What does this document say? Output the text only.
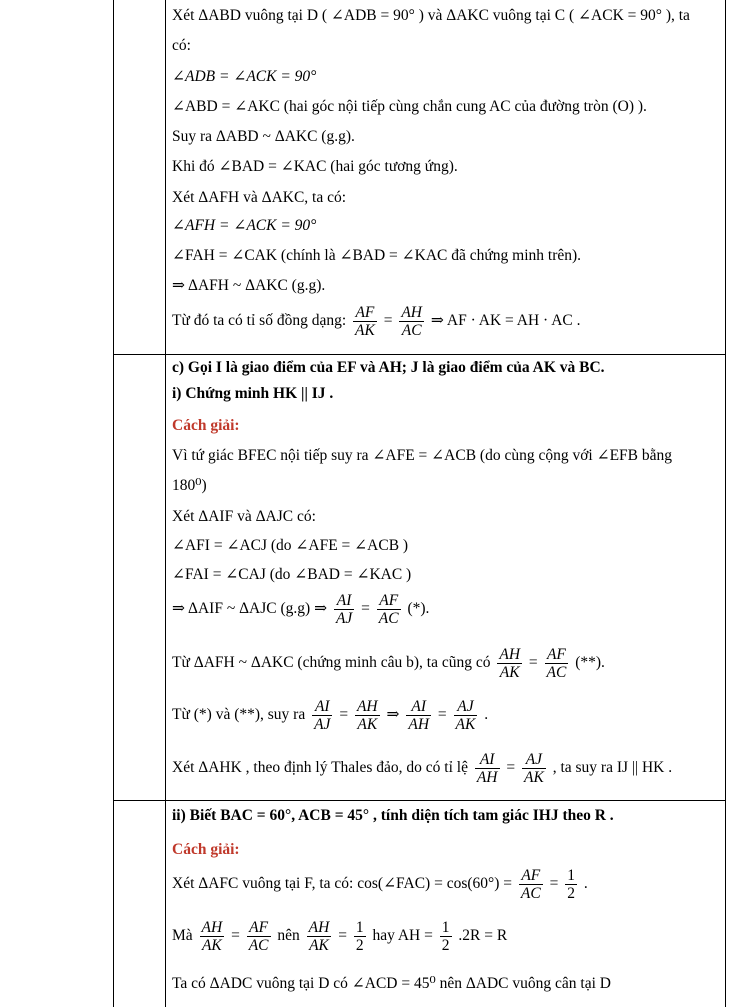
Xét ΔABD vuông tại D ( ∠ADB = 90° ) và ΔAKC vuông tại C ( ∠ACK = 90° ), ta
có:
∠ADB = ∠ACK = 90°
∠ABD = ∠AKC (hai góc nội tiếp cùng chắn cung AC của đường tròn (O) ).
Suy ra ΔABD ~ ΔAKC (g.g).
Khi đó ∠BAD = ∠KAC (hai góc tương ứng).
Xét ΔAFH và ΔAKC, ta có:
∠AFH = ∠ACK = 90°
∠FAH = ∠CAK (chính là ∠BAD = ∠KAC đã chứng minh trên).
⇒ ΔAFH ~ ΔAKC (g.g).
Từ đó ta có tỉ số đồng dạng: $\frac{AF}{AK} = \frac{AH}{AC}$ ⇒ AF · AK = AH · AC .
c) Gọi I là giao điểm của EF và AH; J là giao điểm của AK và BC.
i) Chứng minh HK || IJ .
Cách giải:
Vì tứ giác BFEC nội tiếp suy ra ∠AFE = ∠ACB (do cùng cộng với ∠EFB bằng
180⁰)
Xét ΔAIF và ΔAJC có:
∠AFI = ∠ACJ (do ∠AFE = ∠ACB )
∠FAI = ∠CAJ (do ∠BAD = ∠KAC )
⇒ ΔAIF ~ ΔAJC (g.g) ⇒ $\frac{AI}{AJ} = \frac{AF}{AC}$ (*).
Từ ΔAFH ~ ΔAKC (chứng minh câu b), ta cũng có $\frac{AH}{AK} = \frac{AF}{AC}$ (**).
Từ (*) và (**), suy ra $\frac{AI}{AJ} = \frac{AH}{AK}$ ⇒ $\frac{AI}{AH} = \frac{AJ}{AK}$ .
Xét ΔAHK , theo định lý Thales đảo, do có tỉ lệ $\frac{AI}{AH} = \frac{AJ}{AK}$ , ta suy ra IJ || HK .
ii) Biết BAC = 60°, ACB = 45° , tính diện tích tam giác IHJ theo R .
Cách giải:
Xét ΔAFC vuông tại F, ta có: cos(∠FAC) = $\cos(60^\circ) = \frac{AF}{AC} = \frac{1}{2}$ .
Mà $\frac{AH}{AK} = \frac{AF}{AC}$ nên $\frac{AH}{AK} = \frac{1}{2}$ hay AH = $\frac{1}{2} .2R = R$
Ta có ΔADC vuông tại D có ∠ACD = 45⁰ nên ΔADC vuông cân tại D
